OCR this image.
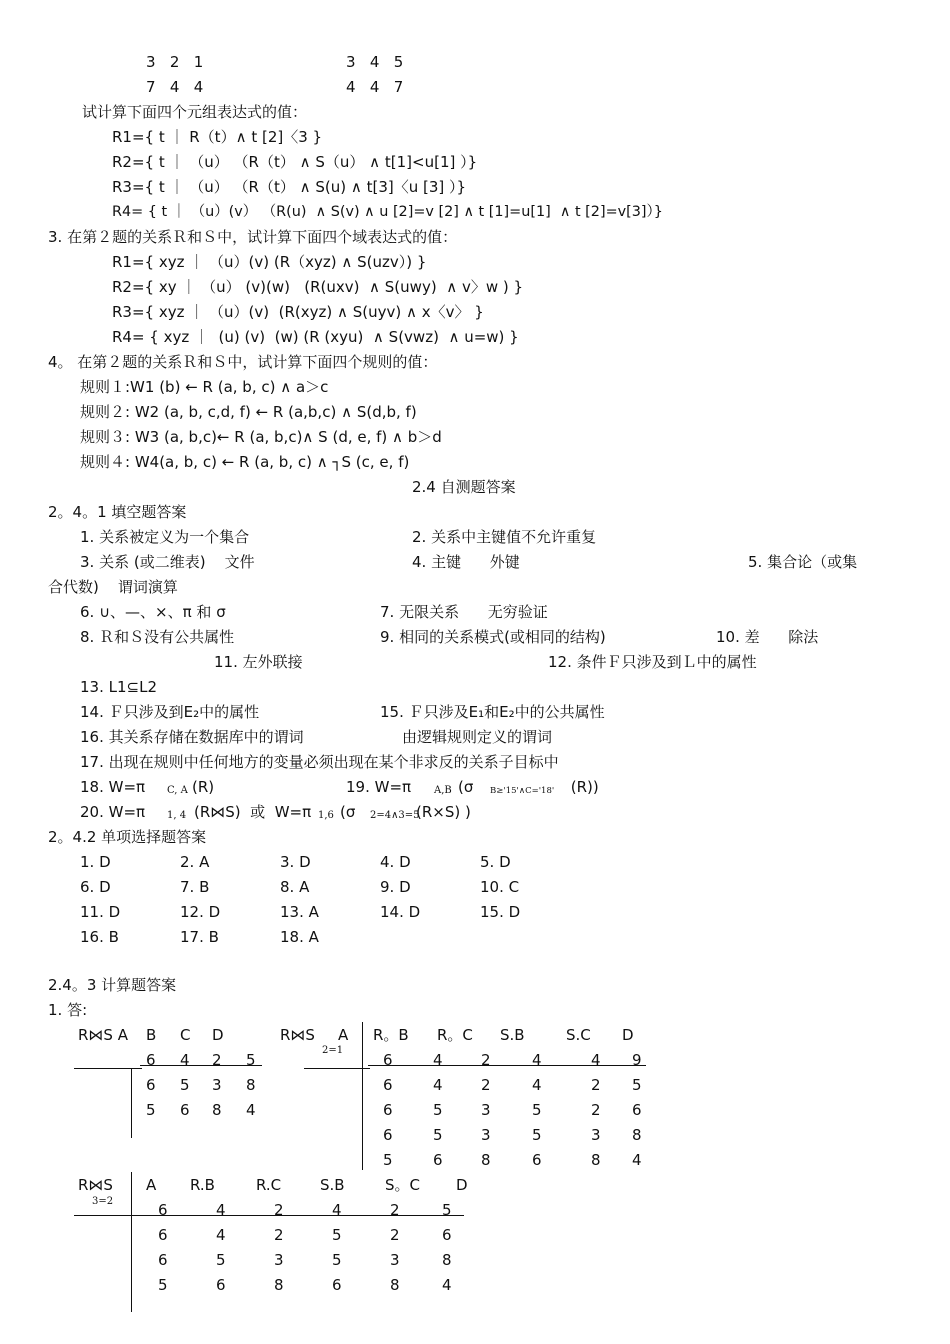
3   2   1	3   4   5
7   4   4	4   4   7
试计算下面四个元组表达式的值：
R1={ t ｜ R（t）∧ t [2]〈3 }
R2={ t ｜ （u） （R（t） ∧ S（u） ∧ t[1]<u[1] ）}
R3={ t ｜ （u） （R（t） ∧ S(u) ∧ t[3]〈u [3] ）}
R4= { t ｜ （u）(v） （R(u)  ∧ S(v) ∧ u [2]=v [2] ∧ t [1]=u[1]  ∧ t [2]=v[3]）}
3. 在第２题的关系Ｒ和Ｓ中，试计算下面四个域表达式的值：
R1={ xyz ｜ （u）(v) (R（xyz) ∧ S(uzv）) }
R2={ xy ｜ （u） (v)(w)   (R(uxv)  ∧ S(uwy)  ∧ v〉w ) }
R3={ xyz ｜ （u）(v)  (R(xyz) ∧ S(uyv) ∧ x〈v〉 }
R4= { xyz ｜  (u) (v)  (w) (R (xyu)  ∧ S(vwz)  ∧ u=w) }
4。 在第２题的关系Ｒ和Ｓ中，试计算下面四个规则的值：
规则１:W1 (b) ← R (a, b, c) ∧ a＞c
规则２: W2 (a, b, c,d, f) ← R (a,b,c) ∧ S(d,b, f)
规则３: W3 (a, b,c)← R (a, b,c)∧ S (d, e, f) ∧ b＞d
规则４: W4(a, b, c) ← R (a, b, c) ∧ ┐S (c, e, f)
2.4 自测题答案
2。4。1 填空题答案
1. 关系被定义为一个集合	2. 关系中主键值不允许重复
3. 关系 (或二维表)    文件	4. 主键      外键	5. 集合论（或集
合代数)    谓词演算
6. ∪、—、×、π 和 σ	7. 无限关系      无穷验证
8. Ｒ和Ｓ没有公共属性	9. 相同的关系模式(或相同的结构)	10. 差      除法
11. 左外联接	12. 条件Ｆ只涉及到Ｌ中的属性
13. L1⊆L2
14. Ｆ只涉及到E₂中的属性	15. Ｆ只涉及E₁和E₂中的公共属性
16. 其关系存储在数据库中的谓词	由逻辑规则定义的谓词
17. 出现在规则中任何地方的变量必须出现在某个非求反的关系子目标中
18. W=π C, A (R)	19. W=π A,B (σ B≥'15'∧C='18' (R))
20. W=π 1, 4 (R⋈S)  或  W=π 1,6 (σ 2=4∧3=5
(R×S) )
2。4.2 单项选择题答案
1. D	2. A	3. D	4. D	5. D
6. D	7. B	8. A	9. D	10. C
11. D	12. D	13. A	14. D	15. D
16. B	17. B	18. A
2.4。3 计算题答案
1. 答:
R⋈S A B C D
6 4 2 5
6 5 3 8
5 6 8 4
R⋈S
2=1
A R。B R。C S.B	S.C D
6	4	2	4	4 9
6	4	2	4	2 5
6	5	3	5	2 6
6	5	3	5	3 8
5	6	8	6	8 4
R⋈S
3=2
A R.B	R.C	S.B	S。C D
6	4	2	4	2	5
6	4	2	5	2	6
6	5	3	5	3	8
5	6	8	6	8	4
